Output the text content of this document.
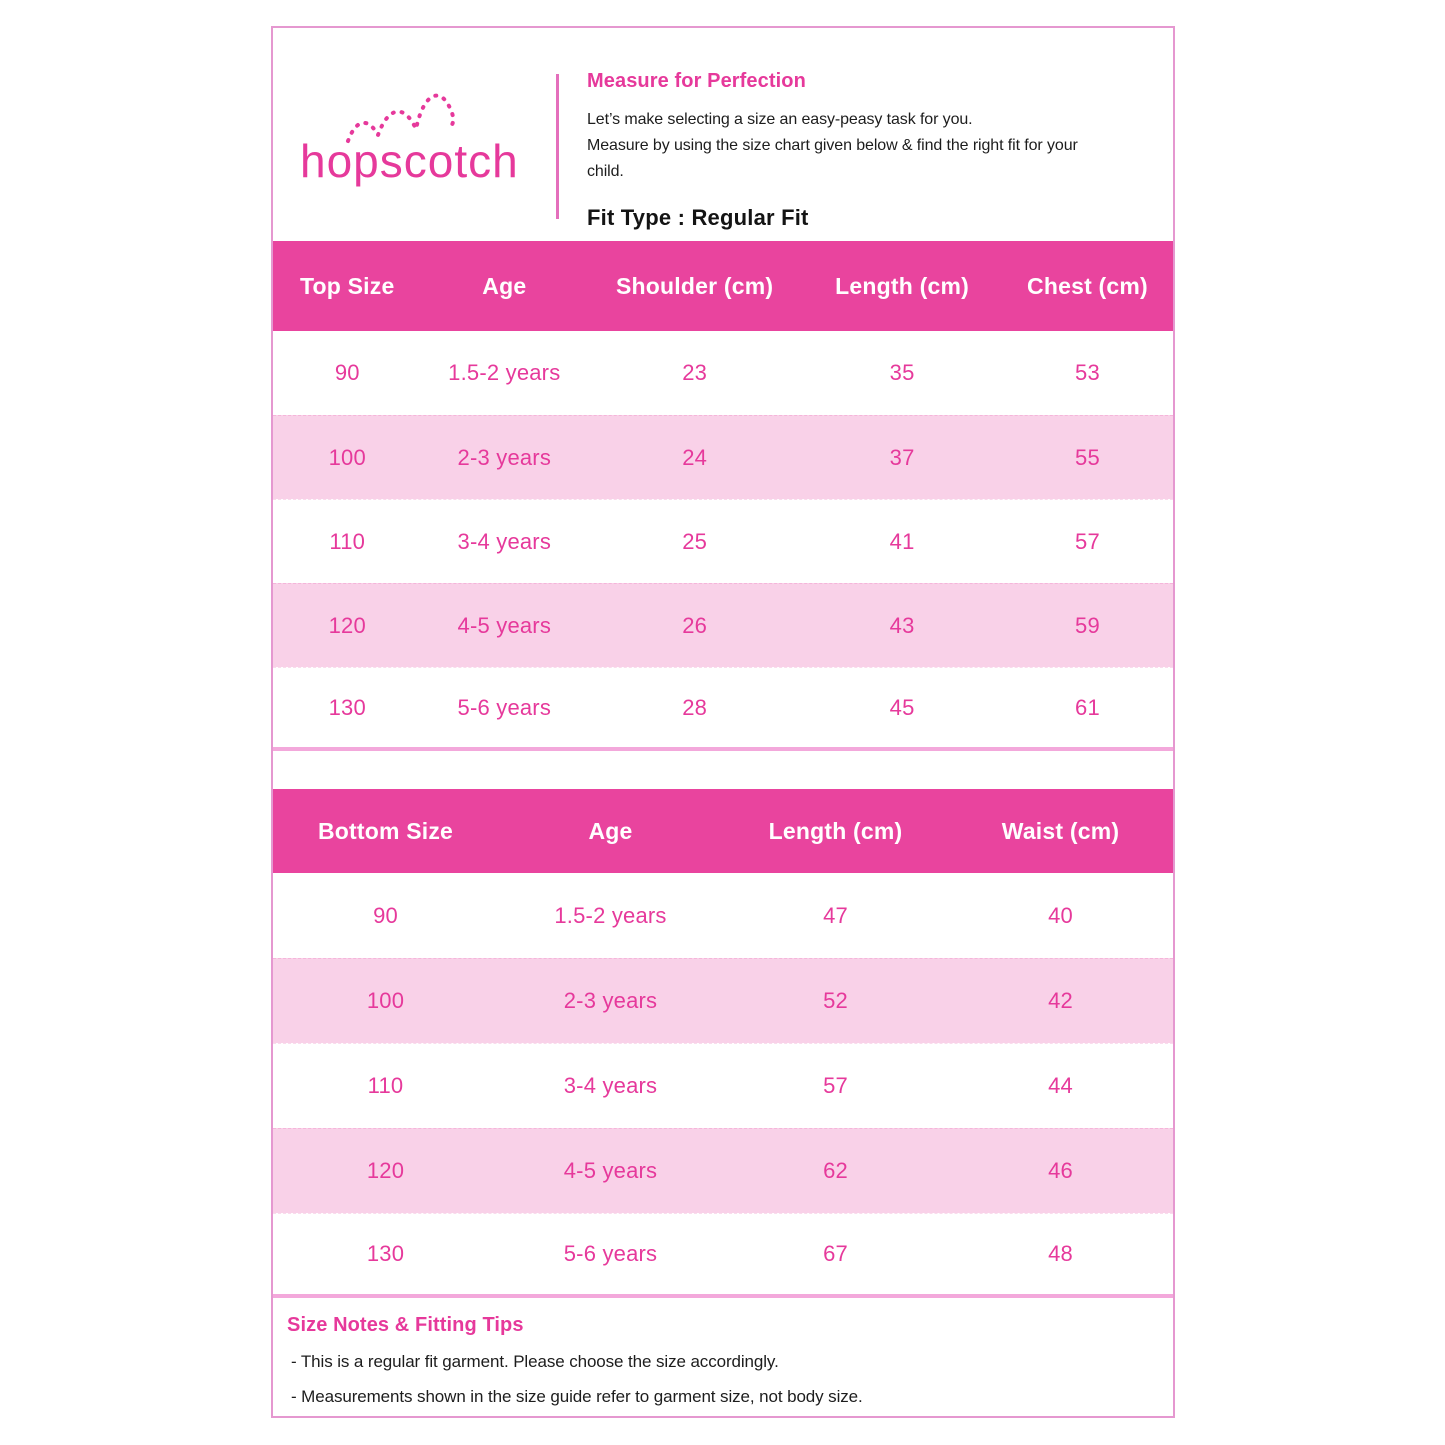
hopscotch
Measure for Perfection
Let’s make selecting a size an easy-peasy task for you.
Measure by using the size chart given below & find the right fit for your
child.
Fit Type : Regular Fit
Top Size	Age	Shoulder (cm)	Length (cm)	Chest (cm)
90	1.5-2 years	23	35	53
100	2-3 years	24	37	55
110	3-4 years	25	41	57
120	4-5 years	26	43	59
130	5-6 years	28	45	61
Bottom Size	Age	Length (cm)	Waist (cm)
90	1.5-2 years	47	40
100	2-3 years	52	42
110	3-4 years	57	44
120	4-5 years	62	46
130	5-6 years	67	48
Size Notes & Fitting Tips
- This is a regular fit garment. Please choose the size accordingly.
- Measurements shown in the size guide refer to garment size, not body size.
